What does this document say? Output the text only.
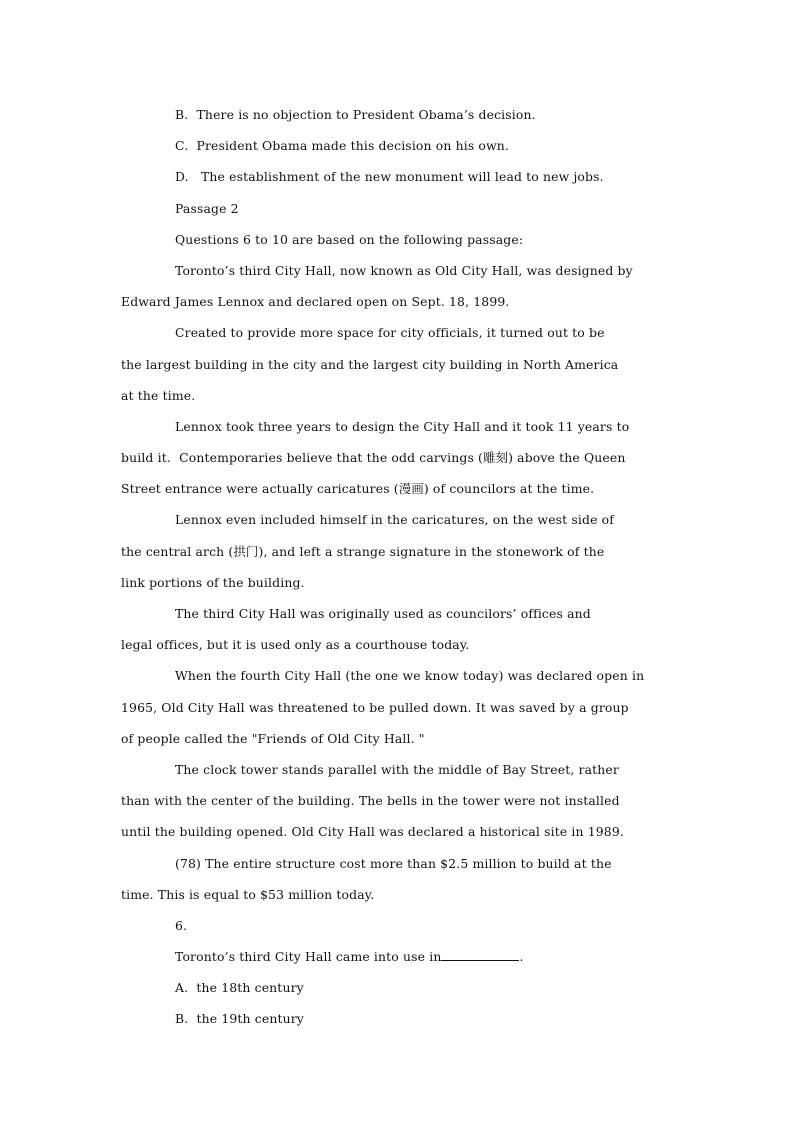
B.  There is no objection to President Obama’s decision.
C.  President Obama made this decision on his own.
D.   The establishment of the new monument will lead to new jobs.
Passage 2
Questions 6 to 10 are based on the following passage:
Toronto’s third City Hall, now known as Old City Hall, was designed by
Edward James Lennox and declared open on Sept. 18, 1899.
Created to provide more space for city officials, it turned out to be
the largest building in the city and the largest city building in North America
at the time.
Lennox took three years to design the City Hall and it took 11 years to
build it.  Contemporaries believe that the odd carvings (雕刻) above the Queen
Street entrance were actually caricatures (漫画) of councilors at the time.
Lennox even included himself in the caricatures, on the west side of
the central arch (拱门), and left a strange signature in the stonework of the
link portions of the building.
The third City Hall was originally used as councilors’ offices and
legal offices, but it is used only as a courthouse today.
When the fourth City Hall (the one we know today) was declared open in
1965, Old City Hall was threatened to be pulled down. It was saved by a group
of people called the "Friends of Old City Hall. "
The clock tower stands parallel with the middle of Bay Street, rather
than with the center of the building. The bells in the tower were not installed
until the building opened. Old City Hall was declared a historical site in 1989.
(78) The entire structure cost more than $2.5 million to build at the
time. This is equal to $53 million today.
6.
Toronto’s third City Hall came into use in	.
A.  the 18th century
B.  the 19th century
